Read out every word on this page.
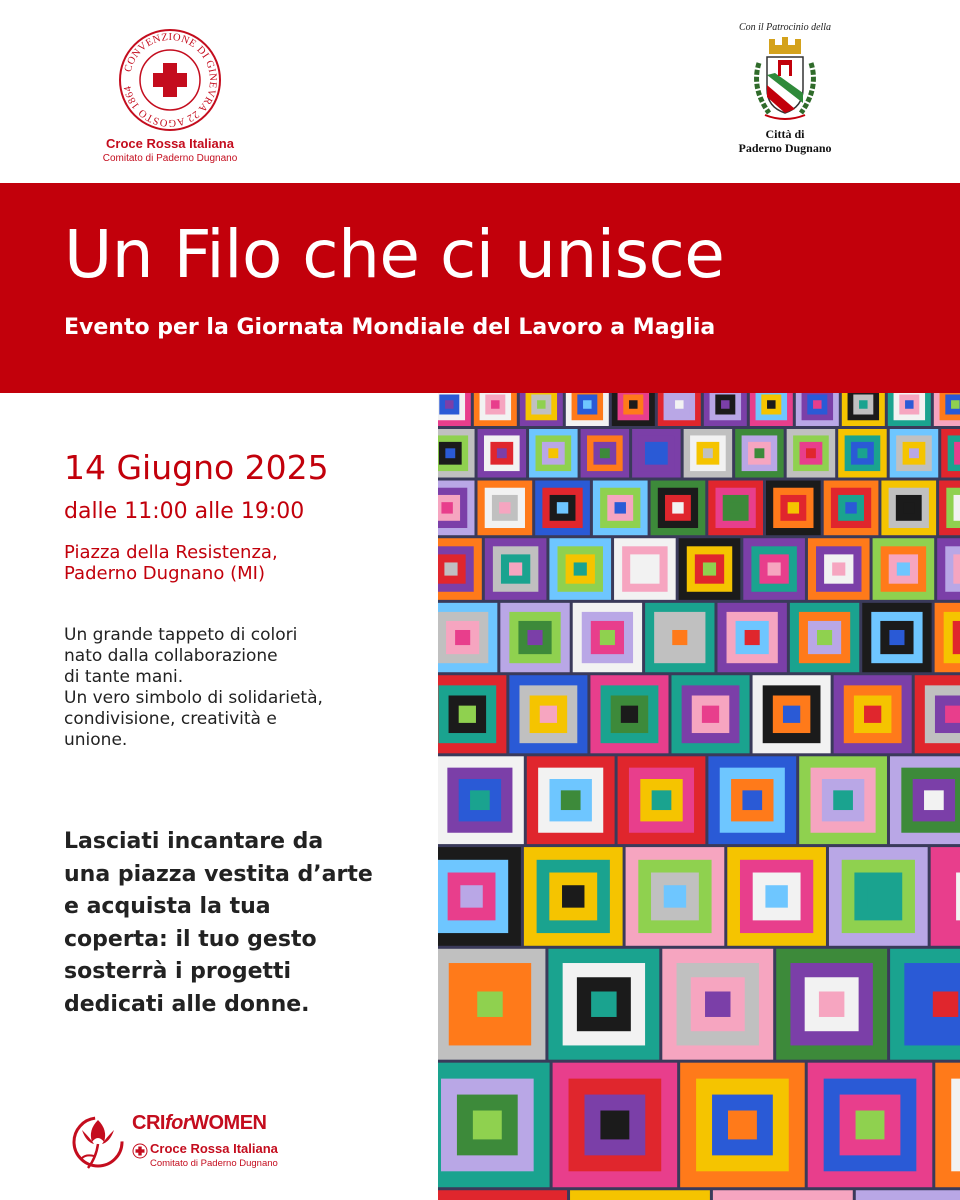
CONVENZIONE DI GINEVRA 22 AGOSTO 1864
Croce Rossa Italiana
Comitato di Paderno Dugnano
Con il Patrocinio della
Città di
Paderno Dugnano
Un Filo che ci unisce
Evento per la Giornata Mondiale del Lavoro a Maglia
14 Giugno 2025
dalle 11:00 alle 19:00
Piazza della Resistenza,
Paderno Dugnano (MI)
Un grande tappeto di colori
nato dalla collaborazione
di tante mani.
Un vero simbolo di solidarietà,
condivisione, creatività e
unione.
Lasciati incantare da
una piazza vestita d’arte
e acquista la tua
coperta: il tuo gesto
sosterrà i progetti
dedicati alle donne.
CRIforWOMEN
Croce Rossa Italiana
Comitato di Paderno Dugnano
